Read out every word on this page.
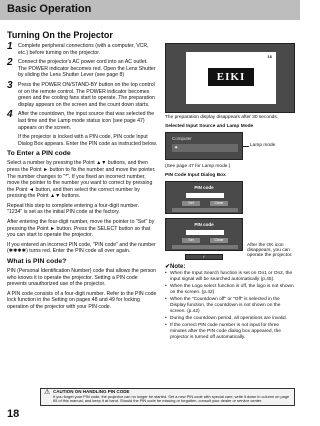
Basic Operation
Turning On the Projector
1 Complete peripheral connections (with a computer, VCR, etc.) before turning on the projector.
2 Connect the projector's AC power cord into an AC outlet. The POWER indicator becomes red. Open the Lens Shutter by sliding the Lens Shutter Lever (see page 8)
3 Press the POWER ON/STAND-BY button on the top control or on the remote control. The POWER indicator becomes green and the cooling fans start to operate. The preparation display appears on the screen and the count down starts.
4 After the countdown, the input source that was selected the last time and the Lamp mode status icon (see page 47) appears on the screen.

If the projector is locked with a PIN code, PIN code Input Dialog Box appears. Enter the PIN code as instructed below.

To Enter a PIN code

Select a number by pressing the Point ▲▼ buttons, and then press the Point ► button to fix the number and move the pointer. The number changes to "*". If you fixed an incorrect number, move the pointer to the number you want to correct by pressing the Point ◄ button, and then select the correct number by pressing the Point ▲▼ buttons.

Repeat this step to complete entering a four-digit number.

"1234" is set as the initial PIN code at the factory.

After entering the four-digit number, move the pointer to "Set" by pressing the Point ► button. Press the SELECT button so that you can start to operate the projector.

If you entered an incorrect PIN code, "PIN code" and the number (✱✱✱✱) turns red. Enter the PIN code all over again.

What is PIN code?

PIN (Personal Identification Number) code that allows the person who knows it to operate the projector. Setting a PIN code prevents unauthorized use of the projector.

A PIN code consists of a four-digit number. Refer to the PIN code lock function in the Setting on pages 48 and 49 for locking operation of the projector with your PIN code.

16
EIKI
The preparation display disappears after 30 seconds.
Selected Input Source and Lamp Mode
Computer
✦	Lamp mode
(See page 47 for Lamp mode.)
PIN Code Input Dialog Box
PIN code
Set	Clear
PIN code
Set	Clear
✓
After the OK icon disappears, you can operate the projector.
✔Note:
• When the Input Search function is set on On1 or On2, the input signal will be searched automatically (p.45).
• When the Logo select function is off, the logo is not shown on the screen. (p.42)
• When the "Countdown off" or "Off" is selected in the Display function, the countdown is not shown on the screen. (p.42)
• During the countdown period, all operations are invalid.
• If the correct PIN code number is not input for three minutes after the PIN code dialog box appeared, the projector is turned off automatically.
⚠ CAUTION ON HANDLING PIN CODE
If you forget your PIN code, the projector can no longer be started. Set a new PIN code with special care, write it down in column on page 65 of this manual, and keep it at hand. Should the PIN code be missing or forgotten, consult your dealer or service center.
18
